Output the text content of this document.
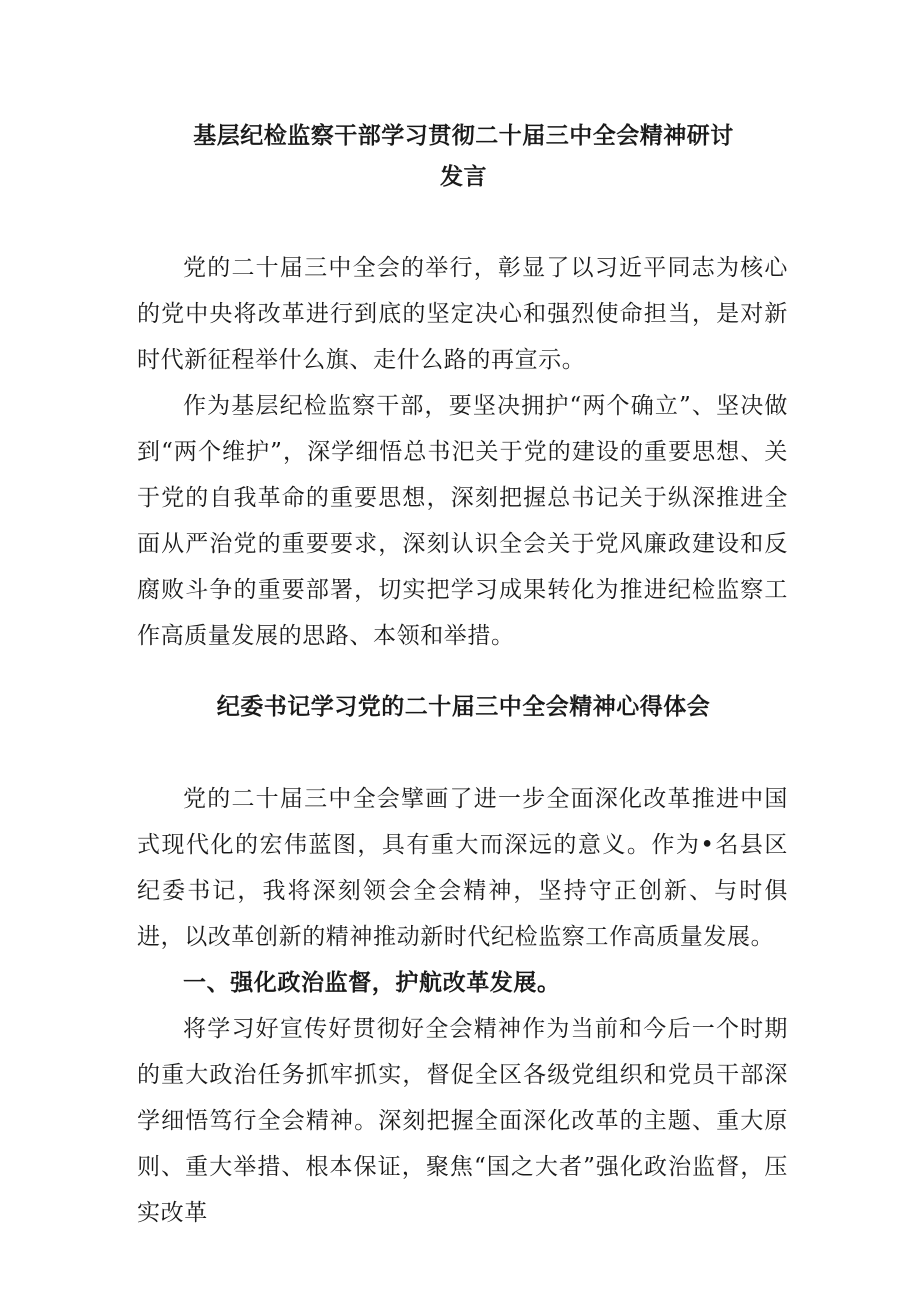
基层纪检监察干部学习贯彻二十届三中全会精神研讨
发言

党的二十届三中全会的举行，彰显了以习近平同志为核心的党中央将改革进行到底的坚定决心和强烈使命担当，是对新时代新征程举什么旗、走什么路的再宣示。

作为基层纪检监察干部，要坚决拥护“两个确立”、坚决做到“两个维护”，深学细悟总书汜关于党的建设的重要思想、关于党的自我革命的重要思想，深刻把握总书记关于纵深推进全面从严治党的重要要求，深刻认识全会关于党风廉政建设和反腐败斗争的重要部署，切实把学习成果转化为推进纪检监察工作高质量发展的思路、本领和举措。

纪委书记学习党的二十届三中全会精神心得体会

党的二十届三中全会擘画了进一步全面深化改革推进中国式现代化的宏伟蓝图，具有重大而深远的意义。作为•名县区纪委书记，我将深刻领会全会精神，坚持守正创新、与时俱进，以改革创新的精神推动新时代纪检监察工作高质量发展。

一、强化政治监督，护航改革发展。

将学习好宣传好贯彻好全会精神作为当前和今后一个时期的重大政治任务抓牢抓实，督促全区各级党组织和党员干部深学细悟笃行全会精神。深刻把握全面深化改革的主题、重大原则、重大举措、根本保证，聚焦“国之大者”强化政治监督，压实改革
